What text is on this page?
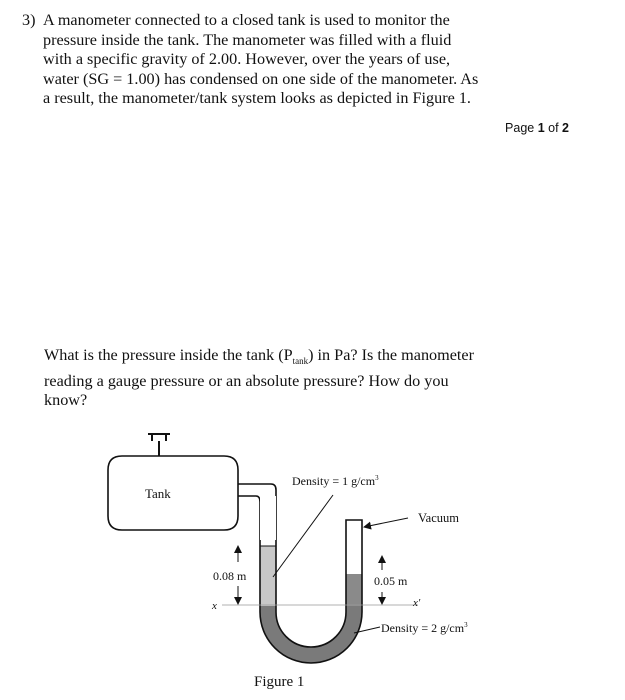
3) A manometer connected to a closed tank is used to monitor the
pressure inside the tank. The manometer was filled with a fluid
with a specific gravity of 2.00. However, over the years of use,
water (SG = 1.00) has condensed on one side of the manometer. As
a result, the manometer/tank system looks as depicted in Figure 1.
Page 1 of 2
What is the pressure inside the tank $(P_{tank})$ in Pa? Is the manometer
reading a gauge pressure or an absolute pressure? How do you
know?
Tank
Density = 1 $g/cm^3$
Vacuum
0.08 m
x
0.05 m
x′
Density = 2 $g/cm^3$
Figure 1
